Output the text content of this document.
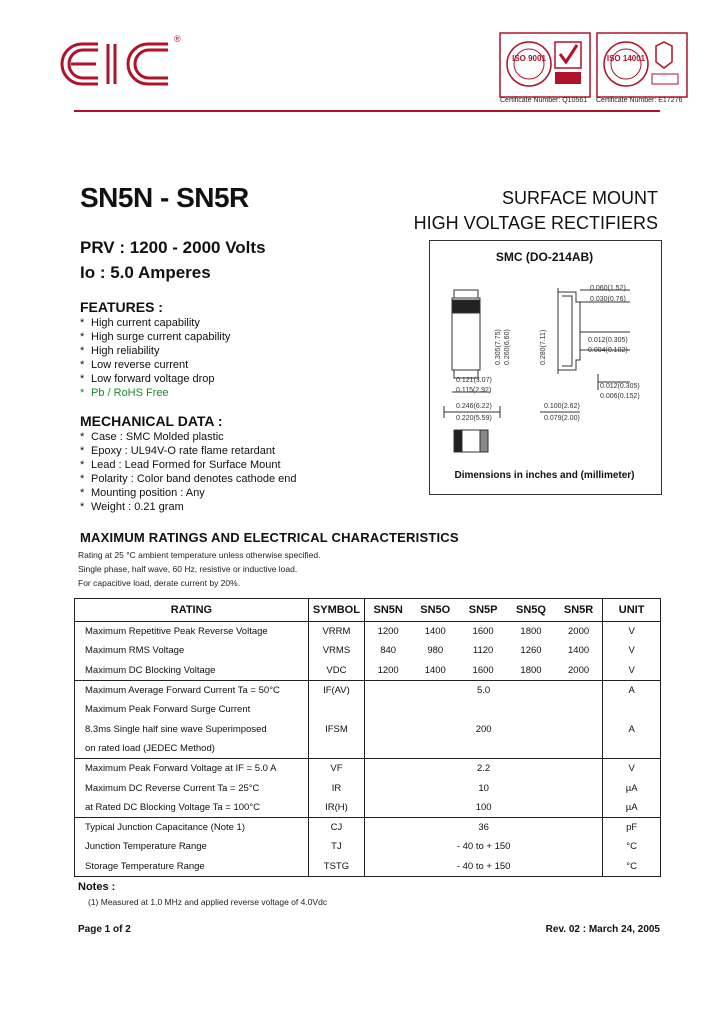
®
ISO 9001
Certificate Number: Q10561
ISO 14001
Certificate Number: E17276
SN5N - SN5R	SURFACE MOUNT
HIGH VOLTAGE RECTIFIERS
PRV : 1200 - 2000 Volts
Io : 5.0 Amperes
FEATURES :
* High current capability
* High surge current capability
* High reliability
* Low reverse current
* Low forward voltage drop
* Pb / RoHS Free
MECHANICAL DATA :
* Case : SMC Molded plastic
* Epoxy : UL94V-O rate flame retardant
* Lead : Lead Formed for Surface Mount
* Polarity : Color band denotes cathode end
* Mounting position : Any
* Weight : 0.21 gram
SMC (DO-214AB)
0.060(1.52)
0.030(0.76)
0.012(0.305)
0.004(0.102)
0.012(0.305)
0.006(0.152)
0.121(3.07)
0.115(2.92)
0.246(6.22)
0.220(5.59)
0.100(2.62)
0.079(2.00)
0.305(7.75) 0.260(6.60)	0.280(7.11)
Dimensions in inches and (millimeter)
MAXIMUM RATINGS AND ELECTRICAL CHARACTERISTICS
Rating at 25 °C ambient temperature unless otherwise specified.
Single phase, half wave, 60 Hz, resistive or inductive load.
For capacitive load, derate current by 20%.
RATING	SYMBOL	SN5N	SN5O	SN5P	SN5Q	SN5R	UNIT
Maximum Repetitive Peak Reverse Voltage	VRRM	1200	1400	1600	1800	2000	V
Maximum RMS Voltage	VRMS	840	980	1120	1260	1400	V
Maximum DC Blocking Voltage	VDC	1200	1400	1600	1800	2000	V
Maximum Average Forward Current Ta = 50°C	IF(AV)	5.0					A
Maximum Peak Forward Surge Current							
8.3ms Single half sine wave Superimposed	IFSM	200					A
on rated load (JEDEC Method)							
Maximum Peak Forward Voltage at IF = 5.0 A	VF	2.2					V
Maximum DC Reverse Current Ta = 25°C	IR	10					µA
at Rated DC Blocking Voltage Ta = 100°C	IR(H)	100					µA
Typical Junction Capacitance (Note 1)	CJ	36					pF
Junction Temperature Range	TJ	- 40 to + 150					°C
Storage Temperature Range	TSTG	- 40 to + 150					°C
Notes :
(1) Measured at 1.0 MHz and applied reverse voltage of 4.0Vdc
Page 1 of 2	Rev. 02 : March 24, 2005
